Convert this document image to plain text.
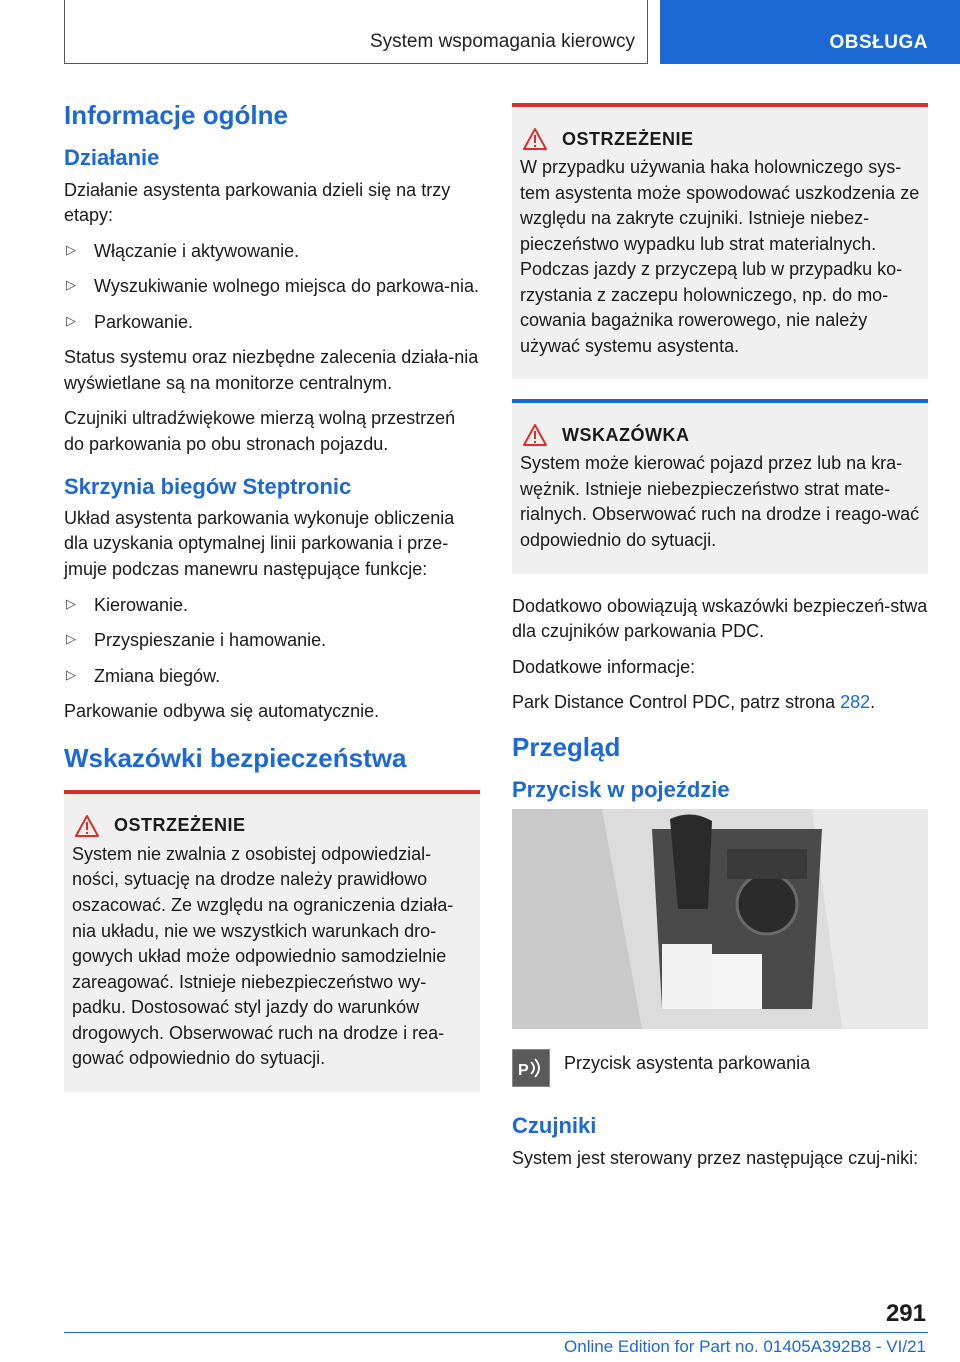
System wspomagania kierowcy	OBSŁUGA
Informacje ogólne
Działanie

Działanie asystenta parkowania dzieli się na trzy etapy:

▷ Włączanie i aktywowanie.
▷ Wyszukiwanie wolnego miejsca do parkowa-nia.
▷ Parkowanie.

Status systemu oraz niezbędne zalecenia działa-nia wyświetlane są na monitorze centralnym.

Czujniki ultradźwiękowe mierzą wolną przestrzeń do parkowania po obu stronach pojazdu.

Skrzynia biegów Steptronic

Układ asystenta parkowania wykonuje obliczenia dla uzyskania optymalnej linii parkowania i prze-jmuje podczas manewru następujące funkcje:

▷ Kierowanie.
▷ Przyspieszanie i hamowanie.
▷ Zmiana biegów.

Parkowanie odbywa się automatycznie.

Wskazówki bezpieczeństwa
OSTRZEŻENIE
System nie zwalnia z osobistej odpowiedzial-ności, sytuację na drodze należy prawidłowo oszacować. Ze względu na ograniczenia działa-nia układu, nie we wszystkich warunkach dro-gowych układ może odpowiednio samodzielnie zareagować. Istnieje niebezpieczeństwo wy-padku. Dostosować styl jazdy do warunków drogowych. Obserwować ruch na drodze i rea-gować odpowiednio do sytuacji.
OSTRZEŻENIE
W przypadku używania haka holowniczego sys-tem asystenta może spowodować uszkodzenia ze względu na zakryte czujniki. Istnieje niebez-pieczeństwo wypadku lub strat materialnych. Podczas jazdy z przyczepą lub w przypadku ko-rzystania z zaczepu holowniczego, np. do mo-cowania bagażnika rowerowego, nie należy używać systemu asystenta.
WSKAZÓWKA
System może kierować pojazd przez lub na kra-wężnik. Istnieje niebezpieczeństwo strat mate-rialnych. Obserwować ruch na drodze i reago-wać odpowiednio do sytuacji.

Dodatkowo obowiązują wskazówki bezpieczeń-stwa dla czujników parkowania PDC.

Dodatkowe informacje:

Park Distance Control PDC, patrz strona 282.

Przegląd
Przycisk w pojeździe
P Przycisk asystenta parkowania
Czujniki

System jest sterowany przez następujące czuj-niki:

291
Online Edition for Part no. 01405A392B8 - VI/21
